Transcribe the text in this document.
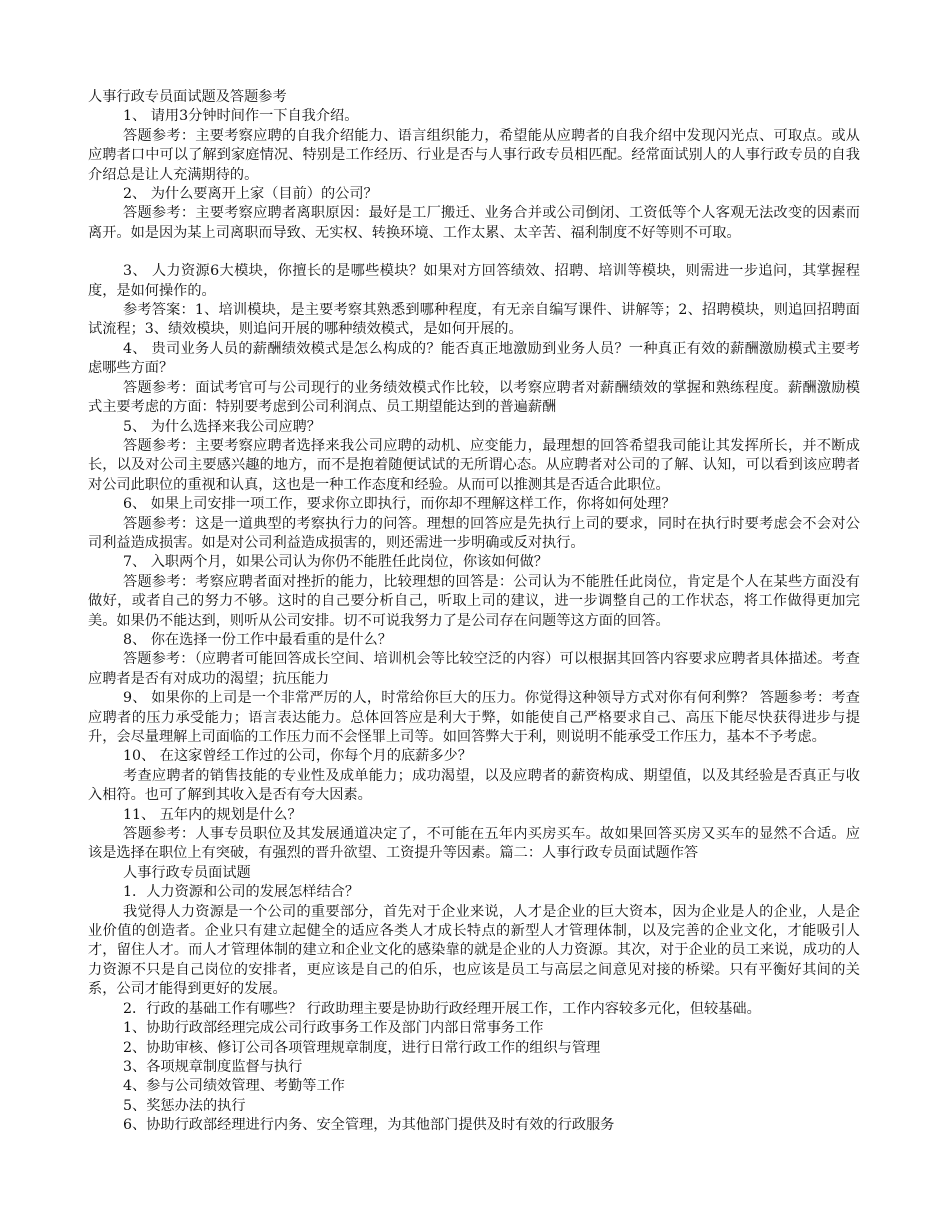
人事行政专员面试题及答题参考

1、 请用3分钟时间作一下自我介绍。

答题参考：主要考察应聘的自我介绍能力、语言组织能力，希望能从应聘者的自我介绍中发现闪光点、可取点。或从应聘者口中可以了解到家庭情况、特别是工作经历、行业是否与人事行政专员相匹配。经常面试别人的人事行政专员的自我介绍总是让人充满期待的。

2、 为什么要离开上家（目前）的公司？

答题参考：主要考察应聘者离职原因：最好是工厂搬迁、业务合并或公司倒闭、工资低等个人客观无法改变的因素而离开。如是因为某上司离职而导致、无实权、转换环境、工作太累、太辛苦、福利制度不好等则不可取。

3、 人力资源6大模块，你擅长的是哪些模块？如果对方回答绩效、招聘、培训等模块，则需进一步追问，其掌握程度，是如何操作的。

参考答案：1、培训模块，是主要考察其熟悉到哪种程度，有无亲自编写课件、讲解等；2、招聘模块，则追回招聘面试流程；3、绩效模块，则追问开展的哪种绩效模式，是如何开展的。

4、 贵司业务人员的薪酬绩效模式是怎么构成的？能否真正地激励到业务人员？一种真正有效的薪酬激励模式主要考虑哪些方面？

答题参考：面试考官可与公司现行的业务绩效模式作比较，以考察应聘者对薪酬绩效的掌握和熟练程度。薪酬激励模式主要考虑的方面：特别要考虑到公司利润点、员工期望能达到的普遍薪酬

5、 为什么选择来我公司应聘？

答题参考：主要考察应聘者选择来我公司应聘的动机、应变能力，最理想的回答希望我司能让其发挥所长，并不断成长，以及对公司主要感兴趣的地方，而不是抱着随便试试的无所谓心态。从应聘者对公司的了解、认知，可以看到该应聘者对公司此职位的重视和认真，这也是一种工作态度和经验。从而可以推测其是否适合此职位。

6、 如果上司安排一项工作，要求你立即执行，而你却不理解这样工作，你将如何处理？

答题参考：这是一道典型的考察执行力的问答。理想的回答应是先执行上司的要求，同时在执行时要考虑会不会对公司利益造成损害。如是对公司利益造成损害的，则还需进一步明确或反对执行。

7、 入职两个月，如果公司认为你仍不能胜任此岗位，你该如何做？

答题参考：考察应聘者面对挫折的能力，比较理想的回答是：公司认为不能胜任此岗位，肯定是个人在某些方面没有做好，或者自己的努力不够。这时的自己要分析自己，听取上司的建议，进一步调整自己的工作状态，将工作做得更加完美。如果仍不能达到，则听从公司安排。切不可说我努力了是公司存在问题等这方面的回答。

8、 你在选择一份工作中最看重的是什么？

答题参考：（应聘者可能回答成长空间、培训机会等比较空泛的内容）可以根据其回答内容要求应聘者具体描述。考查应聘者是否有对成功的渴望；抗压能力

9、 如果你的上司是一个非常严厉的人，时常给你巨大的压力。你觉得这种领导方式对你有何利弊？ 答题参考：考查应聘者的压力承受能力；语言表达能力。总体回答应是利大于弊，如能使自己严格要求自己、高压下能尽快获得进步与提升，会尽量理解上司面临的工作压力而不会怪罪上司等。如回答弊大于利，则说明不能承受工作压力，基本不予考虑。

10、 在这家曾经工作过的公司，你每个月的底薪多少？

考查应聘者的销售技能的专业性及成单能力；成功渴望，以及应聘者的薪资构成、期望值，以及其经验是否真正与收入相符。也可了解到其收入是否有夸大因素。

11、 五年内的规划是什么？

答题参考：人事专员职位及其发展通道决定了，不可能在五年内买房买车。故如果回答买房又买车的显然不合适。应该是选择在职位上有突破，有强烈的晋升欲望、工资提升等因素。篇二：人事行政专员面试题作答

人事行政专员面试题

1．人力资源和公司的发展怎样结合？

我觉得人力资源是一个公司的重要部分，首先对于企业来说，人才是企业的巨大资本，因为企业是人的企业，人是企业价值的创造者。企业只有建立起健全的适应各类人才成长特点的新型人才管理体制，以及完善的企业文化，才能吸引人才，留住人才。而人才管理体制的建立和企业文化的感染靠的就是企业的人力资源。其次，对于企业的员工来说，成功的人力资源不只是自己岗位的安排者，更应该是自己的伯乐，也应该是员工与高层之间意见对接的桥梁。只有平衡好其间的关系，公司才能得到更好的发展。

2．行政的基础工作有哪些？ 行政助理主要是协助行政经理开展工作，工作内容较多元化，但较基础。

1、协助行政部经理完成公司行政事务工作及部门内部日常事务工作

2、协助审核、修订公司各项管理规章制度，进行日常行政工作的组织与管理

3、各项规章制度监督与执行

4、参与公司绩效管理、考勤等工作

5、奖惩办法的执行

6、协助行政部经理进行内务、安全管理，为其他部门提供及时有效的行政服务
